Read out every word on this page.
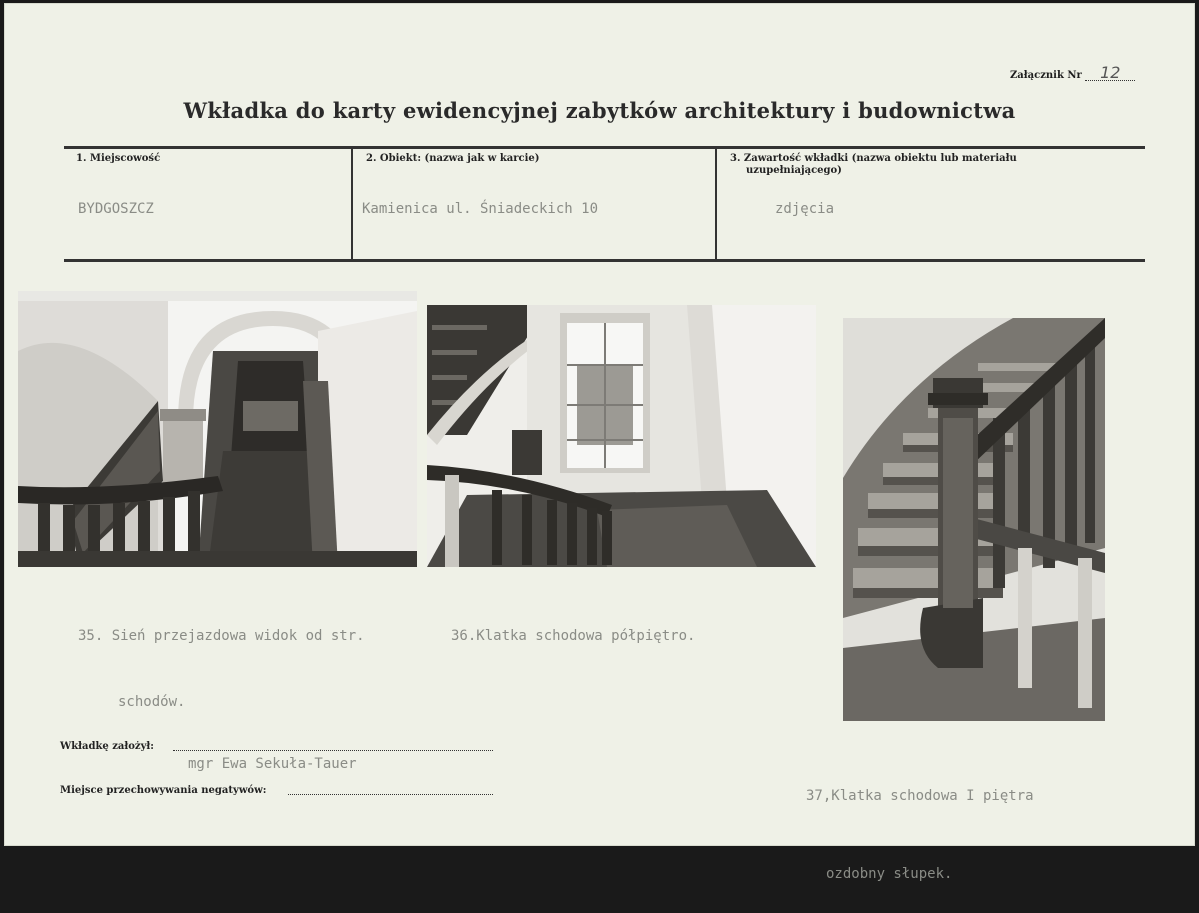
Załącznik Nr 12
Wkładka do karty ewidencyjnej zabytków architektury i budownictwa
1. Miejscowość
BYDGOSZCZ
2. Obiekt: (nazwa jak w karcie)
Kamienica ul. Śniadeckich 10
3. Zawartość wkładki (nazwa obiektu lub materiału
uzupełniającego)
zdjęcia

35. Sień przejazdowa widok od str.

schodów.

36.Klatka schodowa półpiętro.

37,Klatka schodowa I piętra

ozdobny słupek.

Wkładkę założył:
mgr Ewa Sekuła-Tauer
Miejsce przechowywania negatywów:
